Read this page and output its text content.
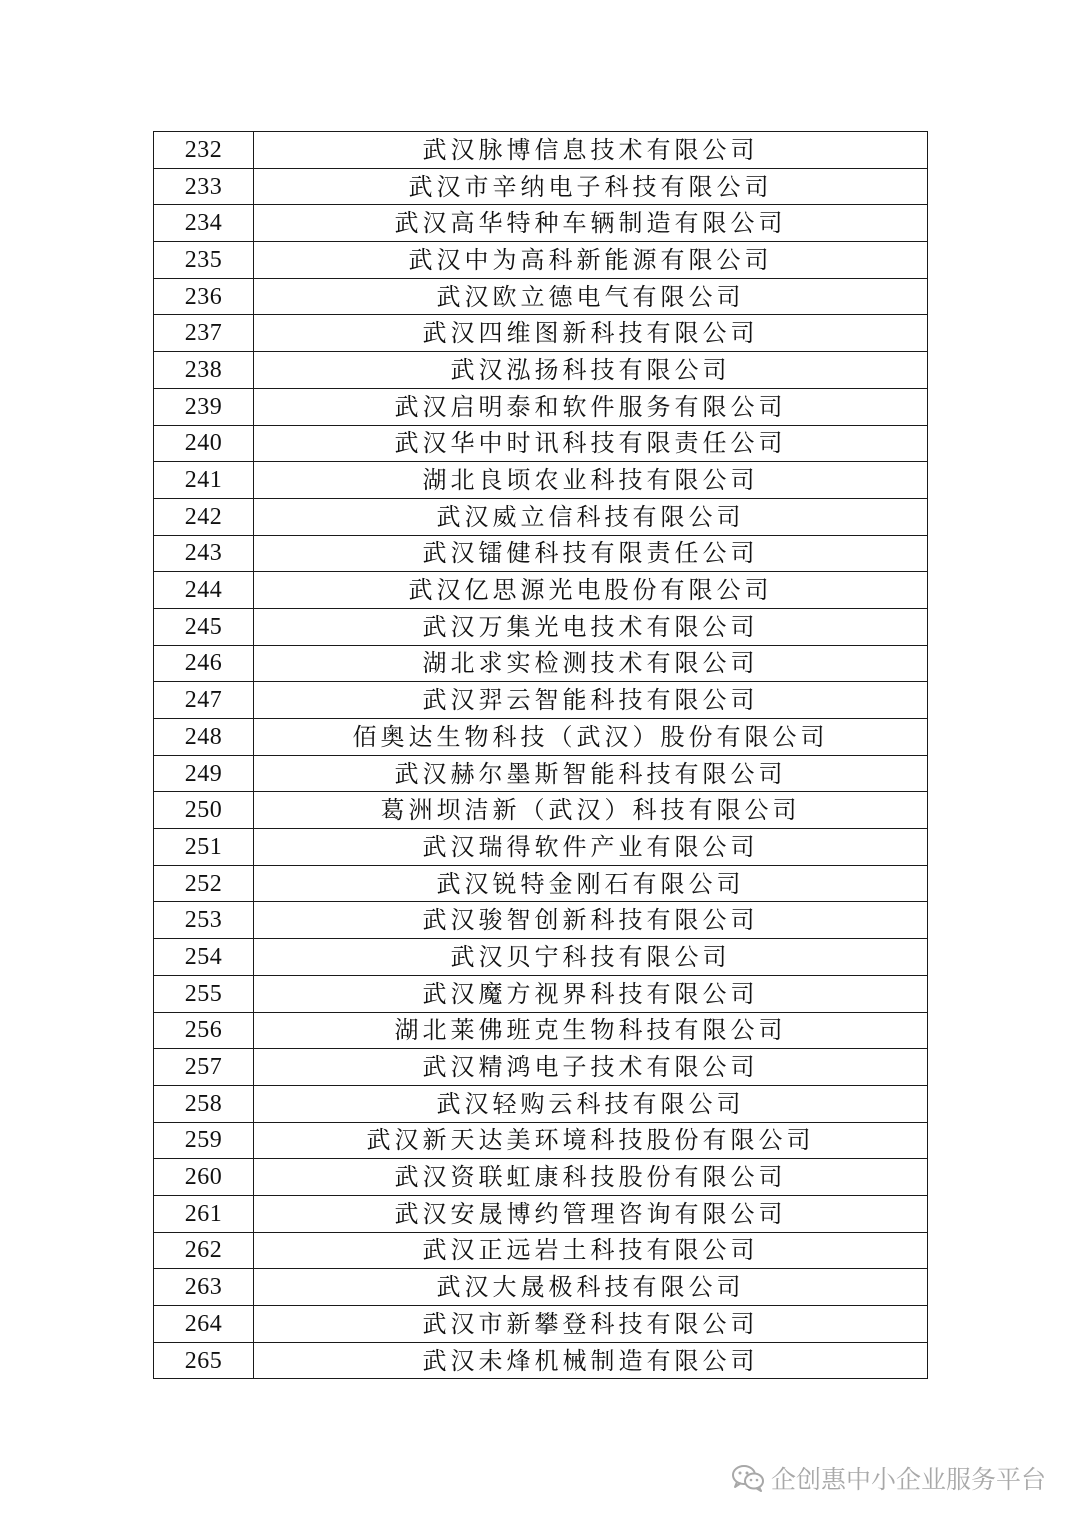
232	武汉脉博信息技术有限公司
233	武汉市辛纳电子科技有限公司
234	武汉高华特种车辆制造有限公司
235	武汉中为高科新能源有限公司
236	武汉欧立德电气有限公司
237	武汉四维图新科技有限公司
238	武汉泓扬科技有限公司
239	武汉启明泰和软件服务有限公司
240	武汉华中时讯科技有限责任公司
241	湖北良顷农业科技有限公司
242	武汉威立信科技有限公司
243	武汉镭健科技有限责任公司
244	武汉亿思源光电股份有限公司
245	武汉万集光电技术有限公司
246	湖北求实检测技术有限公司
247	武汉羿云智能科技有限公司
248	佰奥达生物科技（武汉）股份有限公司
249	武汉赫尔墨斯智能科技有限公司
250	葛洲坝洁新（武汉）科技有限公司
251	武汉瑞得软件产业有限公司
252	武汉锐特金刚石有限公司
253	武汉骏智创新科技有限公司
254	武汉贝宁科技有限公司
255	武汉魔方视界科技有限公司
256	湖北莱佛班克生物科技有限公司
257	武汉精鸿电子技术有限公司
258	武汉轻购云科技有限公司
259	武汉新天达美环境科技股份有限公司
260	武汉资联虹康科技股份有限公司
261	武汉安晟博约管理咨询有限公司
262	武汉正远岩土科技有限公司
263	武汉大晟极科技有限公司
264	武汉市新攀登科技有限公司
265	武汉未烽机械制造有限公司
企创惠中小企业服务平台
